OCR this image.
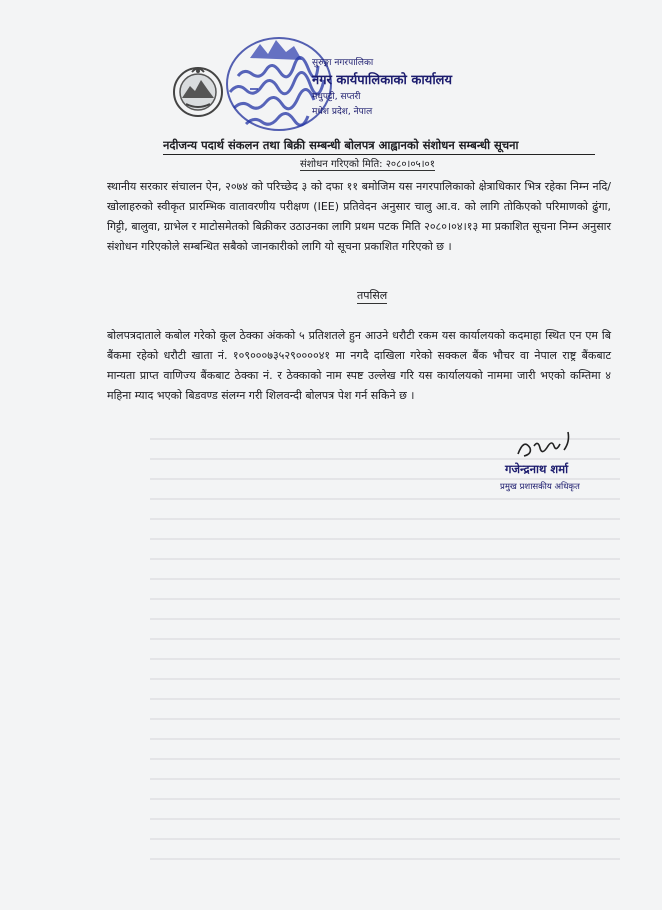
सुरुङ्गा नगरपालिका
नगर कार्यपालिकाको कार्यालय
मधुपट्टी, सप्तरी
मधेश प्रदेश, नेपाल
नदीजन्य पदार्थ संकलन तथा बिक्री सम्बन्धी बोलपत्र आह्वानको संशोधन सम्बन्धी सूचना
संशोधन गरिएको मिति: २०८०।०५।०१
स्थानीय सरकार संचालन ऐन, २०७४ को परिच्छेद ३ को दफा ११ बमोजिम यस नगरपालिकाको क्षेत्राधिकार भित्र रहेका निम्न नदि/खोलाहरुको स्वीकृत प्रारम्भिक वातावरणीय परीक्षण (IEE) प्रतिवेदन अनुसार चालु आ.व. को लागि तोकिएको परिमाणको ढुंगा, गिट्टी, बालुवा, ग्राभेल र माटोसमेतको बिक्रीकर उठाउनका लागि प्रथम पटक मिति २०८०।०४।१३ मा प्रकाशित सूचना निम्न अनुसार संशोधन गरिएकोले सम्बन्धित सबैको जानकारीको लागि यो सूचना प्रकाशित गरिएको छ ।
तपसिल
बोलपत्रदाताले कबोल गरेको कूल ठेक्का अंकको ५ प्रतिशतले हुन आउने धरौटी रकम यस कार्यालयको कदमाहा स्थित एन एम बि बैंकमा रहेको धरौटी खाता नं. १०९०००७३५२९००००४१ मा नगदै दाखिला गरेको सक्कल बैंक भौचर वा नेपाल राष्ट्र बैंकबाट मान्यता प्राप्त वाणिज्य बैंकबाट ठेक्का नं. र ठेक्काको नाम स्पष्ट उल्लेख गरि यस कार्यालयको नाममा जारी भएको कम्तिमा ४ महिना म्याद भएको बिडवण्ड संलग्न गरी शिलवन्दी बोलपत्र पेश गर्न सकिने छ ।
गजेन्द्रनाथ शर्मा
प्रमुख प्रशासकीय अधिकृत
